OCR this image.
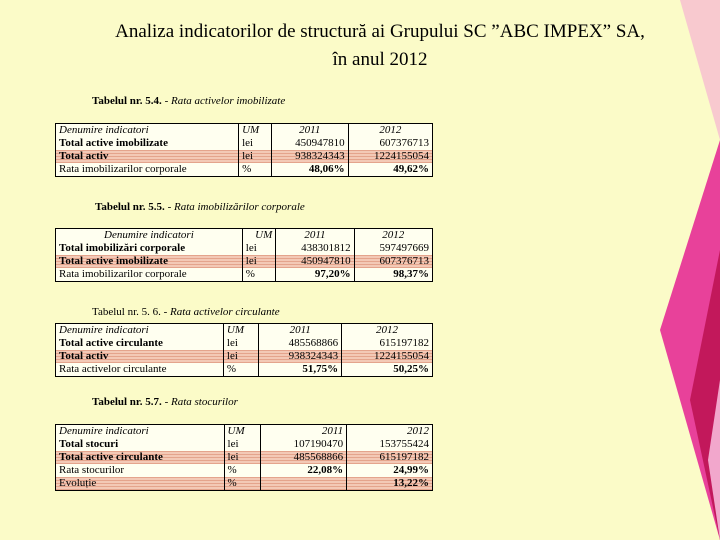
Analiza indicatorilor de structură ai Grupului SC ”ABC IMPEX” SA,
în anul 2012
Tabelul nr. 5.4. - Rata activelor imobilizate
Denumire indicatori	UM	2011	2012
Total active imobilizate	lei	450947810	607376713
Total activ	lei	938324343	1224155054
Rata imobilizarilor corporale	%	48,06%	49,62%
Tabelul nr. 5.5. - Rata imobilizărilor corporale
Denumire indicatori	UM	2011	2012
Total imobilizări corporale	lei	438301812	597497669
Total active imobilizate	lei	450947810	607376713
Rata imobilizarilor corporale	%	97,20%	98,37%
Tabelul nr. 5. 6. - Rata activelor circulante
Denumire indicatori	UM	2011	2012
Total active circulante	lei	485568866	615197182
Total activ	lei	938324343	1224155054
Rata activelor circulante	%	51,75%	50,25%
Tabelul nr. 5.7. - Rata stocurilor
Denumire indicatori	UM	2011	2012
Total stocuri	lei	107190470	153755424
Total active circulante	lei	485568866	615197182
Rata stocurilor	%	22,08%	24,99%
Evoluție	%		13,22%
